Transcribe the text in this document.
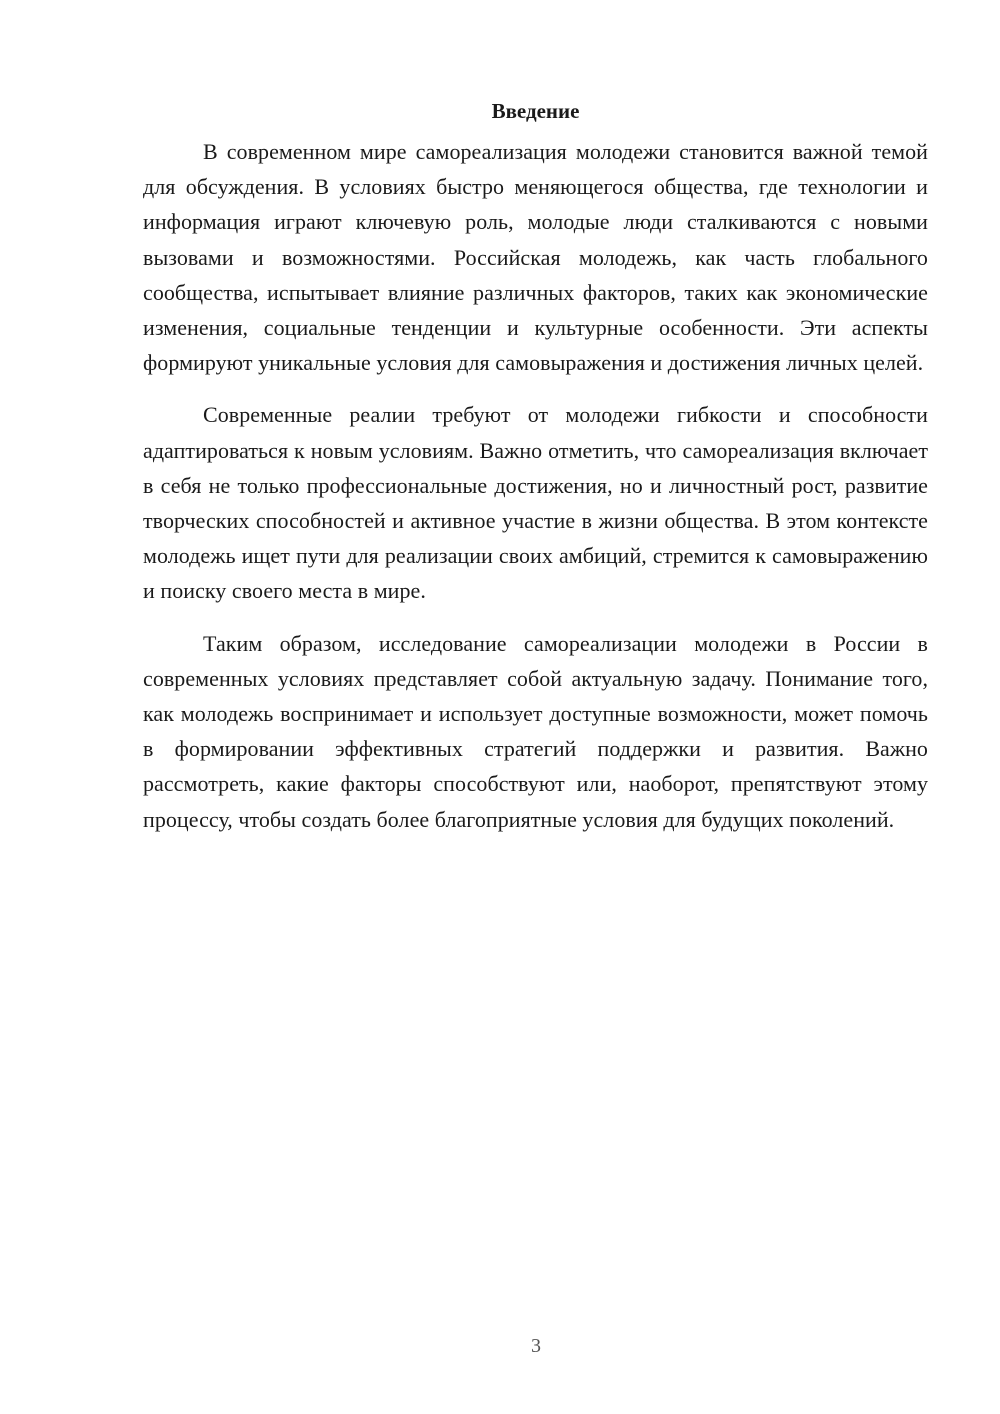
Введение

В современном мире самореализация молодежи становится важной темой для обсуждения. В условиях быстро меняющегося общества, где технологии и информация играют ключевую роль, молодые люди сталкиваются с новыми вызовами и возможностями. Российская молодежь, как часть глобального сообщества, испытывает влияние различных факторов, таких как экономические изменения, социальные тенденции и культурные особенности. Эти аспекты формируют уникальные условия для самовыражения и достижения личных целей.

Современные реалии требуют от молодежи гибкости и способности адаптироваться к новым условиям. Важно отметить, что самореализация включает в себя не только профессиональные достижения, но и личностный рост, развитие творческих способностей и активное участие в жизни общества. В этом контексте молодежь ищет пути для реализации своих амбиций, стремится к самовыражению и поиску своего места в мире.

Таким образом, исследование самореализации молодежи в России в современных условиях представляет собой актуальную задачу. Понимание того, как молодежь воспринимает и использует доступные возможности, может помочь в формировании эффективных стратегий поддержки и развития. Важно рассмотреть, какие факторы способствуют или, наоборот, препятствуют этому процессу, чтобы создать более благоприятные условия для будущих поколений.

3
